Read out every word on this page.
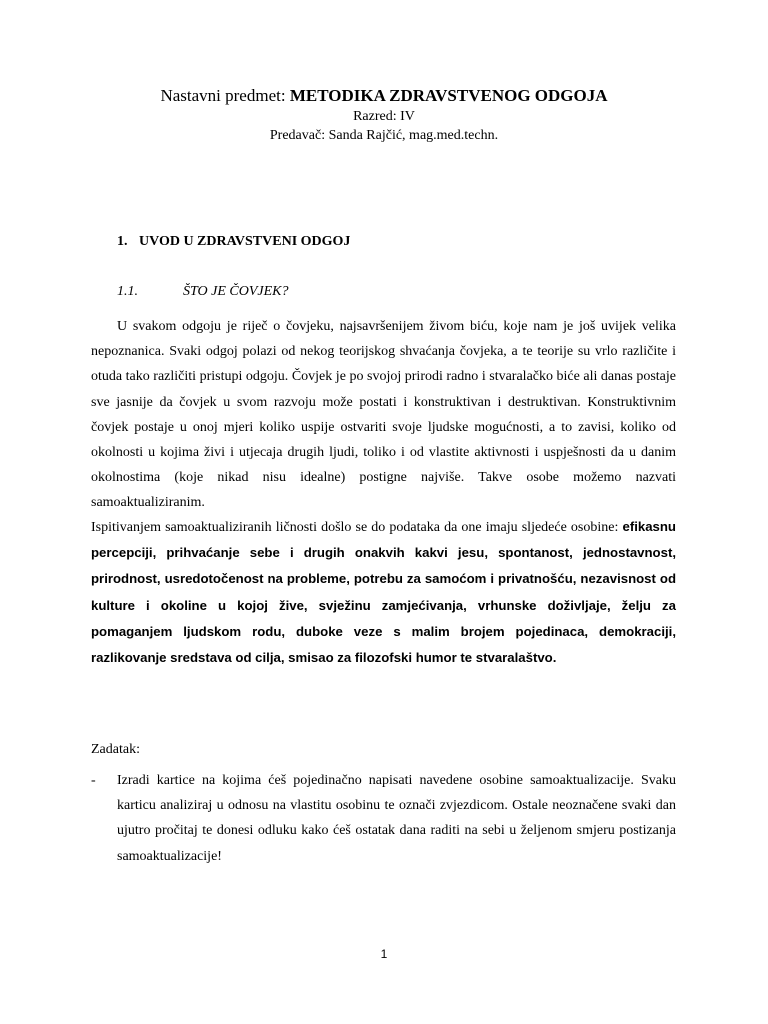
Nastavni predmet: METODIKA ZDRAVSTVENOG ODGOJA
Razred: IV
Predavač: Sanda Rajčić, mag.med.techn.
1. UVOD U ZDRAVSTVENI ODGOJ
1.1.	ŠTO JE ČOVJEK?
U svakom odgoju je riječ o čovjeku, najsavršenijem živom biću, koje nam je još uvijek velika nepoznanica. Svaki odgoj polazi od nekog teorijskog shvaćanja čovjeka, a te teorije su vrlo različite i otuda tako različiti pristupi odgoju. Čovjek je po svojoj prirodi radno i stvaralačko biće ali danas postaje sve jasnije da čovjek u svom razvoju može postati i konstruktivan i destruktivan. Konstruktivnim čovjek postaje u onoj mjeri koliko uspije ostvariti svoje ljudske mogućnosti, a to zavisi, koliko od okolnosti u kojima živi i utjecaja drugih ljudi, toliko i od vlastite aktivnosti i uspješnosti da u danim okolnostima (koje nikad nisu idealne) postigne najviše. Takve osobe možemo nazvati samoaktualiziranim.
Ispitivanjem samoaktualiziranih ličnosti došlo se do podataka da one imaju sljedeće osobine: efikasnu percepciji, prihvaćanje sebe i drugih onakvih kakvi jesu, spontanost, jednostavnost, prirodnost, usredotočenost na probleme, potrebu za samoćom i privatnošću, nezavisnost od kulture i okoline u kojoj žive, svježinu zamjećivanja, vrhunske doživljaje, želju za pomaganjem ljudskom rodu, duboke veze s malim brojem pojedinaca, demokraciji, razlikovanje sredstava od cilja, smisao za filozofski humor te stvaralaštvo.
Zadatak:
- Izradi kartice na kojima ćeš pojedinačno napisati navedene osobine samoaktualizacije. Svaku karticu analiziraj u odnosu na vlastitu osobinu te označi zvjezdicom. Ostale neoznačene svaki dan ujutro pročitaj te donesi odluku kako ćeš ostatak dana raditi na sebi u željenom smjeru postizanja samoaktualizacije!
1
